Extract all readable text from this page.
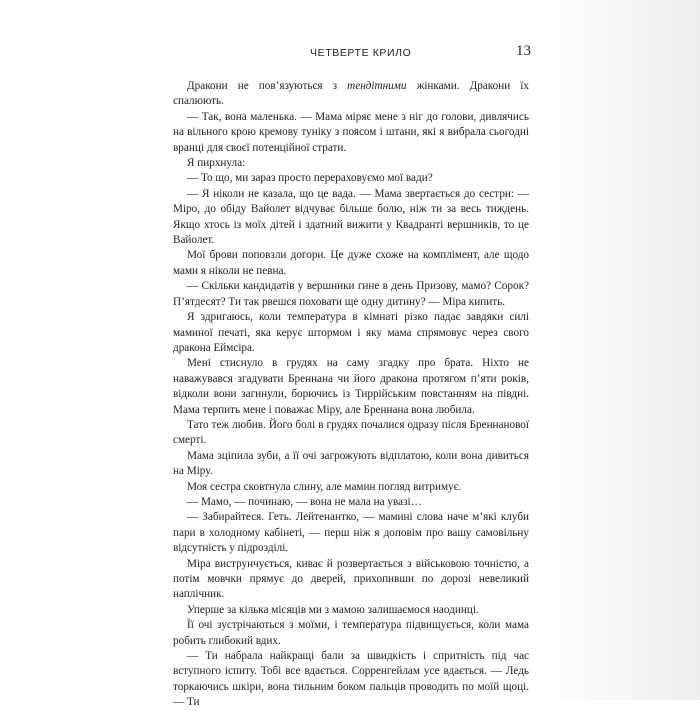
ЧЕТВЕРТЕ КРИЛО	13

Дракони не пов’язуються з тендітними жінками. Дракони їх спалюють.

— Так, вона маленька. — Мама міряє мене з ніг до голови, дивлячись на вільного крою кремову туніку з поясом і штани, які я вибрала сьогодні вранці для своєї потенційної страти.

Я пирхнула:

— То що, ми зараз просто перераховуємо мої вади?

— Я ніколи не казала, що це вада. — Мама звертається до сестри: — Міро, до обіду Вайолет відчуває більше болю, ніж ти за весь тиждень. Якщо хтось із моїх дітей і здатний вижити у Квадранті вершників, то це Вайолет.

Мої брови поповзли догори. Це дуже схоже на комплімент, але щодо мами я ніколи не певна.

— Скільки кандидатів у вершники гине в день Призову, мамо? Сорок? П’ятдесят? Ти так рвешся поховати ще одну дитину? — Міра кипить.

Я здригаюсь, коли температура в кімнаті різко падає завдяки силі маминої печаті, яка керує штормом і яку мама спрямовує через свого дракона Еймсіра.

Мені стиснуло в грудях на саму згадку про брата. Ніхто не наважувався згадувати Бреннана чи його дракона протягом п’яти років, відколи вони загинули, борючись із Тиррійським повстанням на півдні. Мама терпить мене і поважає Міру, але Бреннана вона любила.

Тато теж любив. Його болі в грудях почалися одразу після Бреннанової смерті.

Мама зціпила зуби, а її очі загрожують відплатою, коли вона дивиться на Міру.

Моя сестра сковтнула слину, але мамин погляд витримує.

— Мамо, — починаю, — вона не мала на увазі…

— Забирайтеся. Геть. Лейтенантко, — мамині слова наче м’які клуби пари в холодному кабінеті, — перш ніж я доповім про вашу самовільну відсутність у підрозділі.

Міра виструнчується, киває й розвертається з військовою точністю, а потім мовчки прямує до дверей, прихопивши по дорозі невеликий наплічник.

Уперше за кілька місяців ми з мамою залишаємося наодинці.

Її очі зустрічаються з моїми, і температура підвищується, коли мама робить глибокий вдих.

— Ти набрала найкращі бали за швидкість і спритність під час вступного іспиту. Тобі все вдається. Сорренгейлам усе вдається. — Ледь торкаючись шкіри, вона тильним боком пальців проводить по моїй щоці. — Ти
